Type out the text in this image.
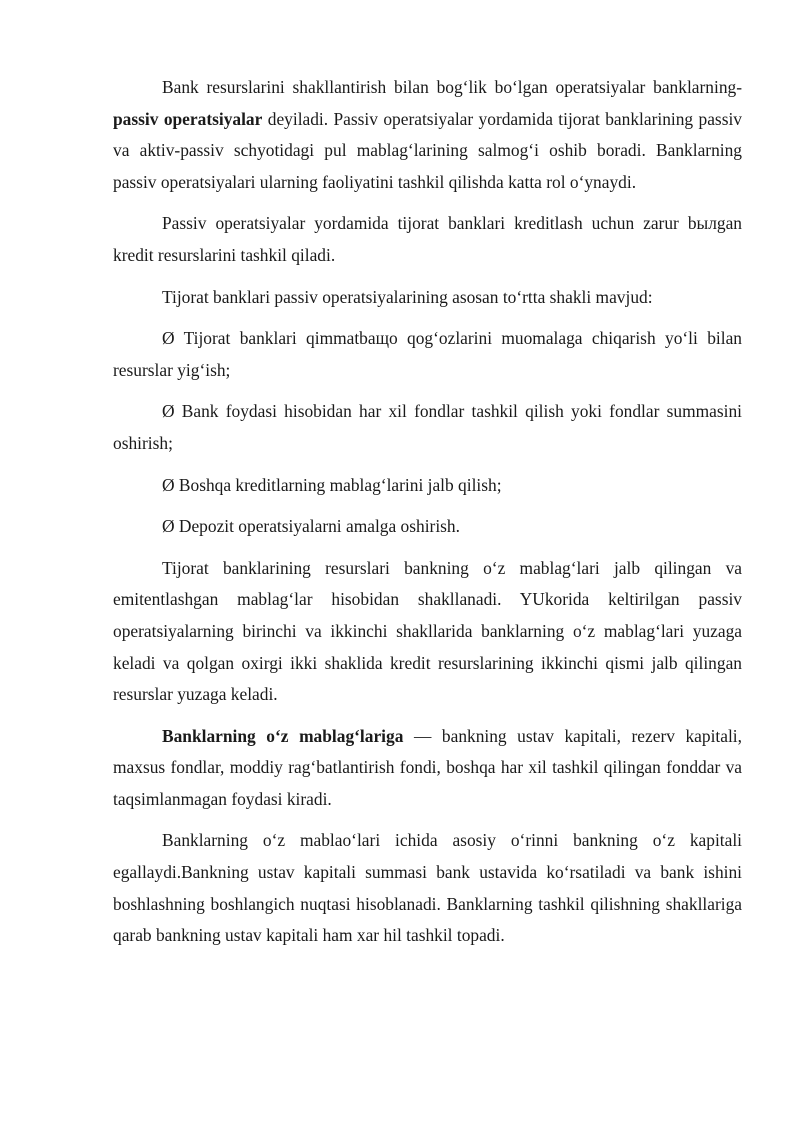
Bank resurslarini shakllantirish bilan bog‘lik bo‘lgan operatsiyalar banklarning- passiv operatsiyalar deyiladi. Passiv operatsiyalar yordamida tijorat banklarining passiv va aktiv-passiv schyotidagi pul mablag‘larining salmog‘i oshib boradi. Banklarning passiv operatsiyalari ularning faoliyatini tashkil qilishda katta rol o‘ynaydi.

Passiv operatsiyalar yordamida tijorat banklari kreditlash uchun zarur bылgan kredit resurslarini tashkil qiladi.

Tijorat banklari passiv operatsiyalarining asosan to‘rtta shakli mavjud:

Ø Tijorat banklari qimmatbaщo qog‘ozlarini muomalaga chiqarish yo‘li bilan resurslar yig‘ish;

Ø Bank foydasi hisobidan har xil fondlar tashkil qilish yoki fondlar summasini oshirish;

Ø Boshqa kreditlarning mablag‘larini jalb qilish;

Ø Depozit operatsiyalarni amalga oshirish.

Tijorat banklarining resurslari bankning o‘z mablag‘lari jalb qilingan va emitentlashgan mablag‘lar hisobidan shakllanadi. YUkorida keltirilgan passiv operatsiyalarning birinchi va ikkinchi shakllarida banklarning o‘z mablag‘lari yuzaga keladi va qolgan oxirgi ikki shaklida kredit resurslarining ikkinchi qismi jalb qilingan resurslar yuzaga keladi.

Banklarning o‘z mablag‘lariga — bankning ustav kapitali, rezerv kapitali, maxsus fondlar, moddiy rag‘batlantirish fondi, boshqa har xil tashkil qilingan fonddar va taqsimlanmagan foydasi kiradi.

Banklarning o‘z mablao‘lari ichida asosiy o‘rinni bankning o‘z kapitali egallaydi.Bankning ustav kapitali summasi bank ustavida ko‘rsatiladi va bank ishini boshlashning boshlangich nuqtasi hisoblanadi. Banklarning tashkil qilishning shakllariga qarab bankning ustav kapitali ham xar hil tashkil topadi.
